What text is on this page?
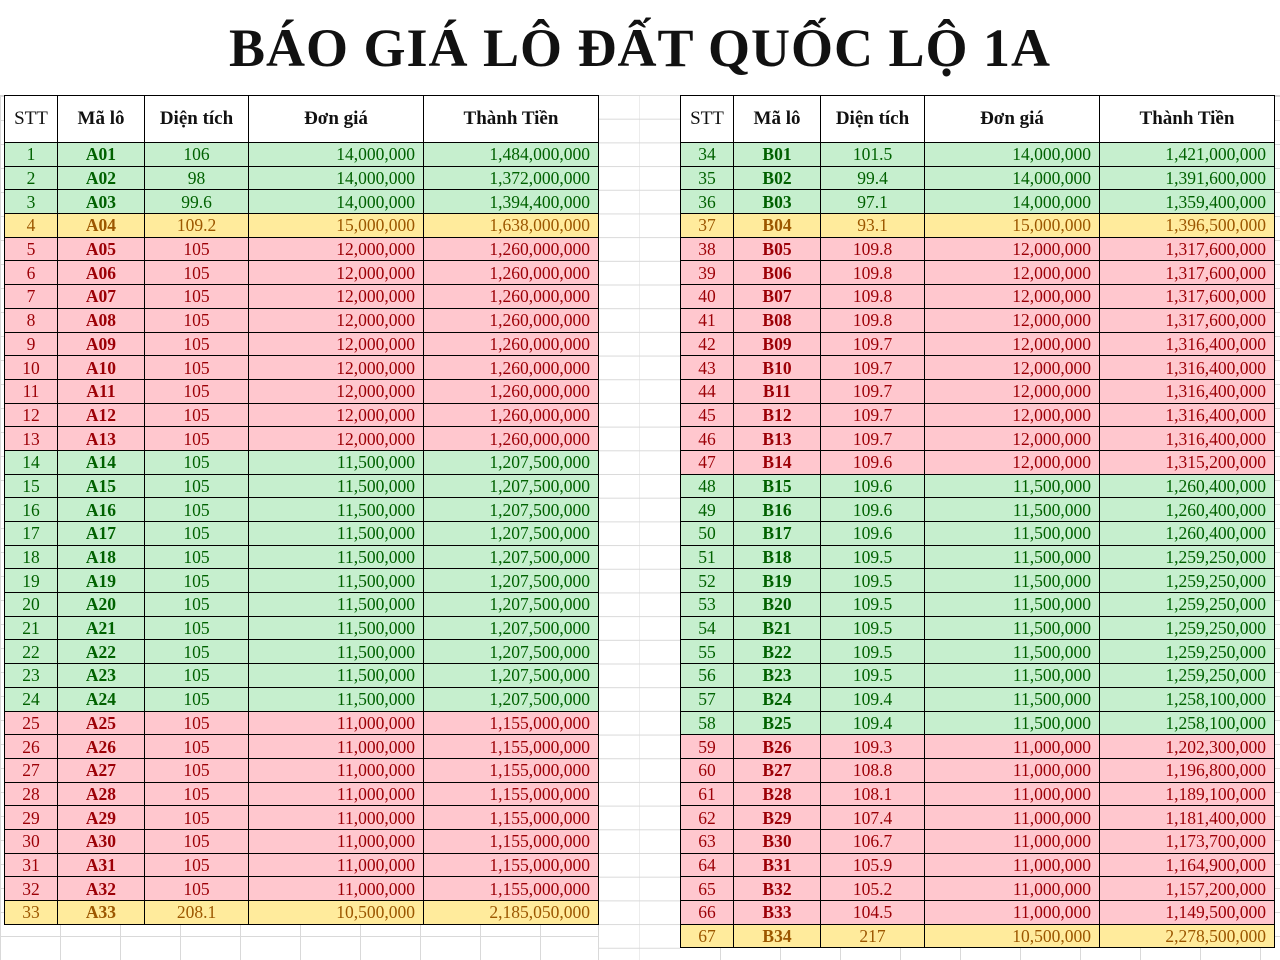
BÁO GIÁ LÔ ĐẤT QUỐC LỘ 1A
STT	Mã lô	Diện tích	Đơn giá	Thành Tiền
1	A01	106	14,000,000	1,484,000,000
2	A02	98	14,000,000	1,372,000,000
3	A03	99.6	14,000,000	1,394,400,000
4	A04	109.2	15,000,000	1,638,000,000
5	A05	105	12,000,000	1,260,000,000
6	A06	105	12,000,000	1,260,000,000
7	A07	105	12,000,000	1,260,000,000
8	A08	105	12,000,000	1,260,000,000
9	A09	105	12,000,000	1,260,000,000
10	A10	105	12,000,000	1,260,000,000
11	A11	105	12,000,000	1,260,000,000
12	A12	105	12,000,000	1,260,000,000
13	A13	105	12,000,000	1,260,000,000
14	A14	105	11,500,000	1,207,500,000
15	A15	105	11,500,000	1,207,500,000
16	A16	105	11,500,000	1,207,500,000
17	A17	105	11,500,000	1,207,500,000
18	A18	105	11,500,000	1,207,500,000
19	A19	105	11,500,000	1,207,500,000
20	A20	105	11,500,000	1,207,500,000
21	A21	105	11,500,000	1,207,500,000
22	A22	105	11,500,000	1,207,500,000
23	A23	105	11,500,000	1,207,500,000
24	A24	105	11,500,000	1,207,500,000
25	A25	105	11,000,000	1,155,000,000
26	A26	105	11,000,000	1,155,000,000
27	A27	105	11,000,000	1,155,000,000
28	A28	105	11,000,000	1,155,000,000
29	A29	105	11,000,000	1,155,000,000
30	A30	105	11,000,000	1,155,000,000
31	A31	105	11,000,000	1,155,000,000
32	A32	105	11,000,000	1,155,000,000
33	A33	208.1	10,500,000	2,185,050,000
STT	Mã lô	Diện tích	Đơn giá	Thành Tiền
34	B01	101.5	14,000,000	1,421,000,000
35	B02	99.4	14,000,000	1,391,600,000
36	B03	97.1	14,000,000	1,359,400,000
37	B04	93.1	15,000,000	1,396,500,000
38	B05	109.8	12,000,000	1,317,600,000
39	B06	109.8	12,000,000	1,317,600,000
40	B07	109.8	12,000,000	1,317,600,000
41	B08	109.8	12,000,000	1,317,600,000
42	B09	109.7	12,000,000	1,316,400,000
43	B10	109.7	12,000,000	1,316,400,000
44	B11	109.7	12,000,000	1,316,400,000
45	B12	109.7	12,000,000	1,316,400,000
46	B13	109.7	12,000,000	1,316,400,000
47	B14	109.6	12,000,000	1,315,200,000
48	B15	109.6	11,500,000	1,260,400,000
49	B16	109.6	11,500,000	1,260,400,000
50	B17	109.6	11,500,000	1,260,400,000
51	B18	109.5	11,500,000	1,259,250,000
52	B19	109.5	11,500,000	1,259,250,000
53	B20	109.5	11,500,000	1,259,250,000
54	B21	109.5	11,500,000	1,259,250,000
55	B22	109.5	11,500,000	1,259,250,000
56	B23	109.5	11,500,000	1,259,250,000
57	B24	109.4	11,500,000	1,258,100,000
58	B25	109.4	11,500,000	1,258,100,000
59	B26	109.3	11,000,000	1,202,300,000
60	B27	108.8	11,000,000	1,196,800,000
61	B28	108.1	11,000,000	1,189,100,000
62	B29	107.4	11,000,000	1,181,400,000
63	B30	106.7	11,000,000	1,173,700,000
64	B31	105.9	11,000,000	1,164,900,000
65	B32	105.2	11,000,000	1,157,200,000
66	B33	104.5	11,000,000	1,149,500,000
67	B34	217	10,500,000	2,278,500,000
